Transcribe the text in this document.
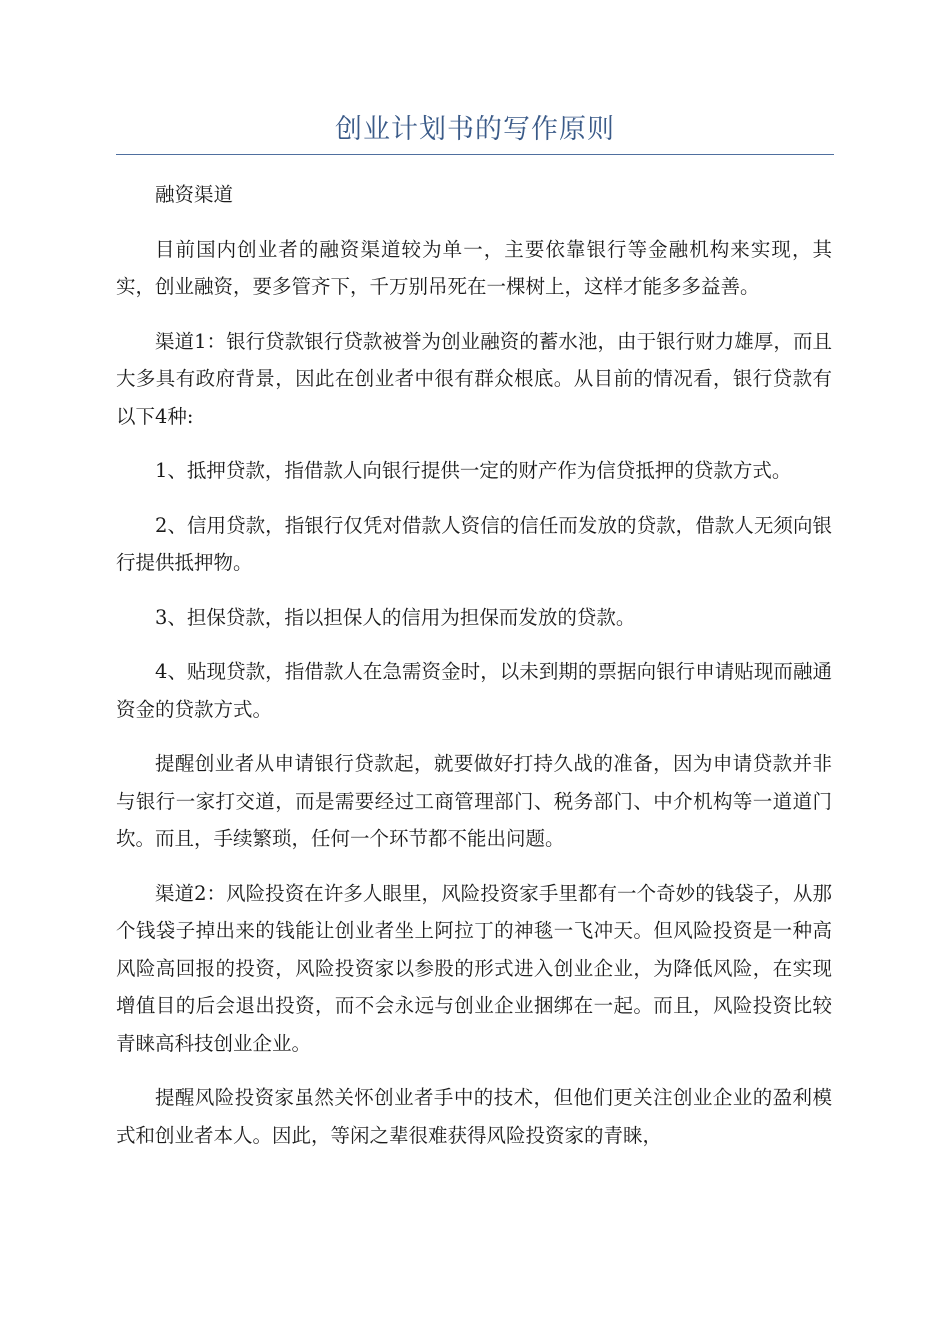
创业计划书的写作原则

融资渠道

目前国内创业者的融资渠道较为单一，主要依靠银行等金融机构来实现，其实，创业融资，要多管齐下，千万别吊死在一棵树上，这样才能多多益善。

渠道1：银行贷款银行贷款被誉为创业融资的蓄水池，由于银行财力雄厚，而且大多具有政府背景，因此在创业者中很有群众根底。从目前的情况看，银行贷款有以下4种:

1、抵押贷款，指借款人向银行提供一定的财产作为信贷抵押的贷款方式。

2、信用贷款，指银行仅凭对借款人资信的信任而发放的贷款，借款人无须向银行提供抵押物。

3、担保贷款，指以担保人的信用为担保而发放的贷款。

4、贴现贷款，指借款人在急需资金时，以未到期的票据向银行申请贴现而融通资金的贷款方式。

提醒创业者从申请银行贷款起，就要做好打持久战的准备，因为申请贷款并非与银行一家打交道，而是需要经过工商管理部门、税务部门、中介机构等一道道门坎。而且，手续繁琐，任何一个环节都不能出问题。

渠道2：风险投资在许多人眼里，风险投资家手里都有一个奇妙的钱袋子，从那个钱袋子掉出来的钱能让创业者坐上阿拉丁的神毯一飞冲天。但风险投资是一种高风险高回报的投资，风险投资家以参股的形式进入创业企业，为降低风险，在实现增值目的后会退出投资，而不会永远与创业企业捆绑在一起。而且，风险投资比较青睐高科技创业企业。

提醒风险投资家虽然关怀创业者手中的技术，但他们更关注创业企业的盈利模式和创业者本人。因此，等闲之辈很难获得风险投资家的青睐，
